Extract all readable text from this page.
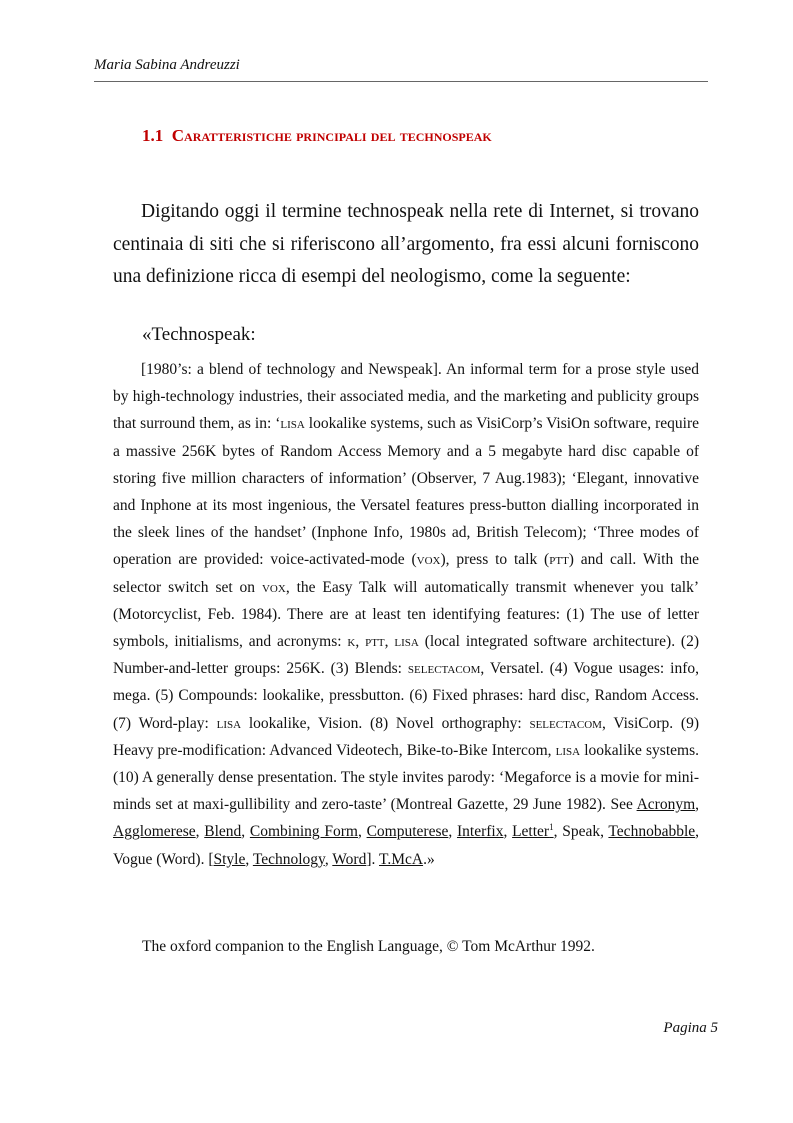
Maria Sabina Andreuzzi
1.1 Caratteristiche principali del technospeak

Digitando oggi il termine technospeak nella rete di Internet, si trovano centinaia di siti che si riferiscono all’argomento, fra essi alcuni forniscono una definizione ricca di esempi del neologismo, come la seguente:

«Technospeak:

[1980’s: a blend of technology and Newspeak]. An informal term for a prose style used by high-technology industries, their associated media, and the marketing and publicity groups that surround them, as in: ‘lisa lookalike systems, such as VisiCorp’s VisiOn software, require a massive 256K bytes of Random Access Memory and a 5 megabyte hard disc capable of storing five million characters of information’ (Observer, 7 Aug.1983); ‘Elegant, innovative and Inphone at its most ingenious, the Versatel features press-button dialling incorporated in the sleek lines of the handset’ (Inphone Info, 1980s ad, British Telecom); ‘Three modes of operation are provided: voice-activated-mode (vox), press to talk (ptt) and call. With the selector switch set on vox, the Easy Talk will automatically transmit whenever you talk’ (Motorcyclist, Feb. 1984). There are at least ten identifying features: (1) The use of letter symbols, initialisms, and acronyms: k, ptt, lisa (local integrated software architecture). (2) Number-and-letter groups: 256K. (3) Blends: selectacom, Versatel. (4) Vogue usages: info, mega. (5) Compounds: lookalike, pressbutton. (6) Fixed phrases: hard disc, Random Access. (7) Word-play: lisa lookalike, Vision. (8) Novel orthography: selectacom, VisiCorp. (9) Heavy pre-modification: Advanced Videotech, Bike-to-Bike Intercom, lisa lookalike systems. (10) A generally dense presentation. The style invites parody: ‘Megaforce is a movie for mini-minds set at maxi-gullibility and zero-taste’ (Montreal Gazette, 29 June 1982). See Acronym, Agglomerese, Blend, Combining Form, Computerese, Interfix, Letter$^1$, Speak, Technobabble, Vogue (Word). [Style, Technology, Word]. T.McA.»

The oxford companion to the English Language, © Tom McArthur 1992.
Pagina 5
